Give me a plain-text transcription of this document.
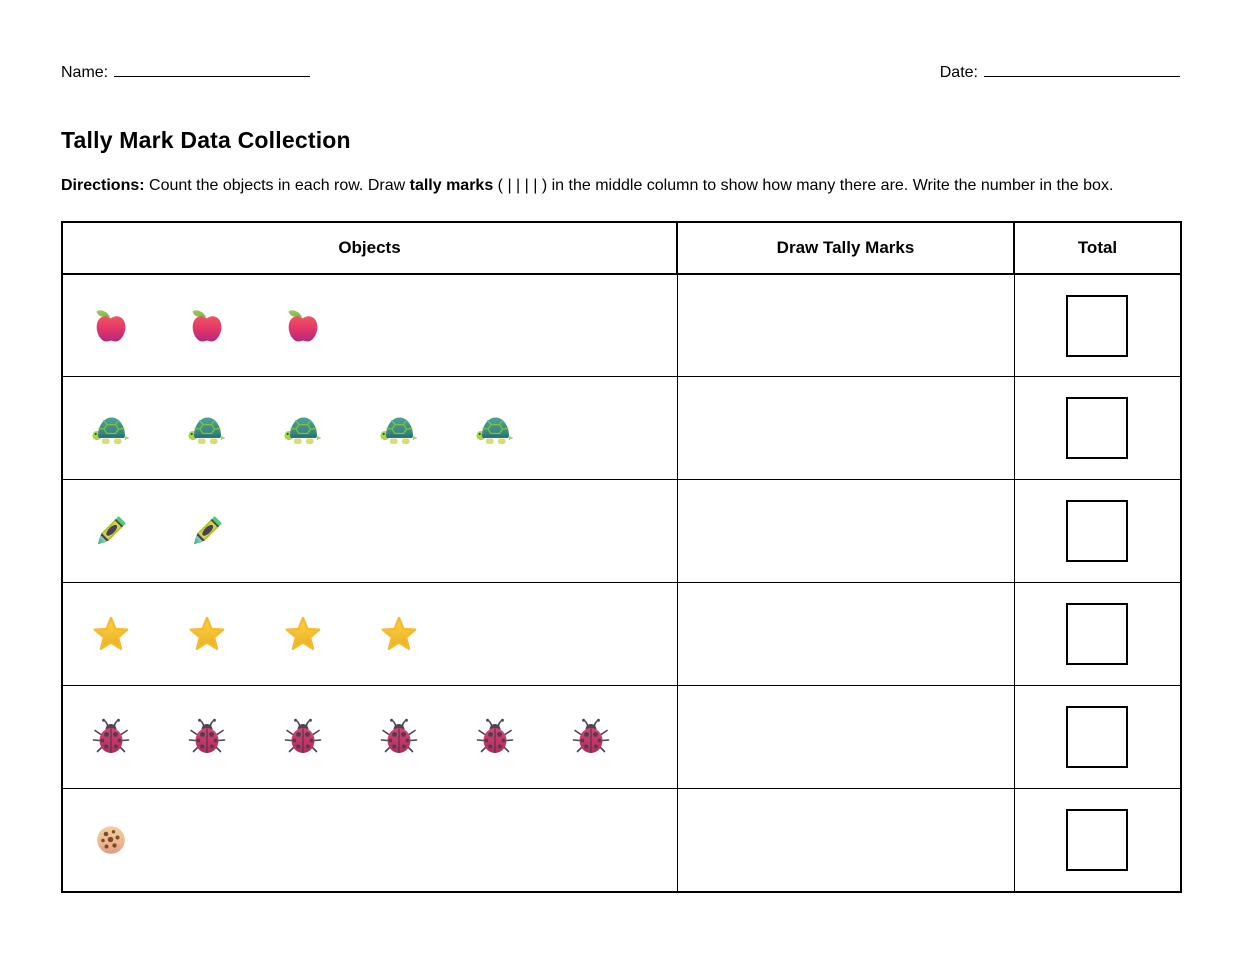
Name:	Date:
Tally Mark Data Collection

Directions: Count the objects in each row. Draw tally marks ( | | | | ) in the middle column to show how many there are. Write the number in the box.

Objects	Draw Tally Marks	Total
